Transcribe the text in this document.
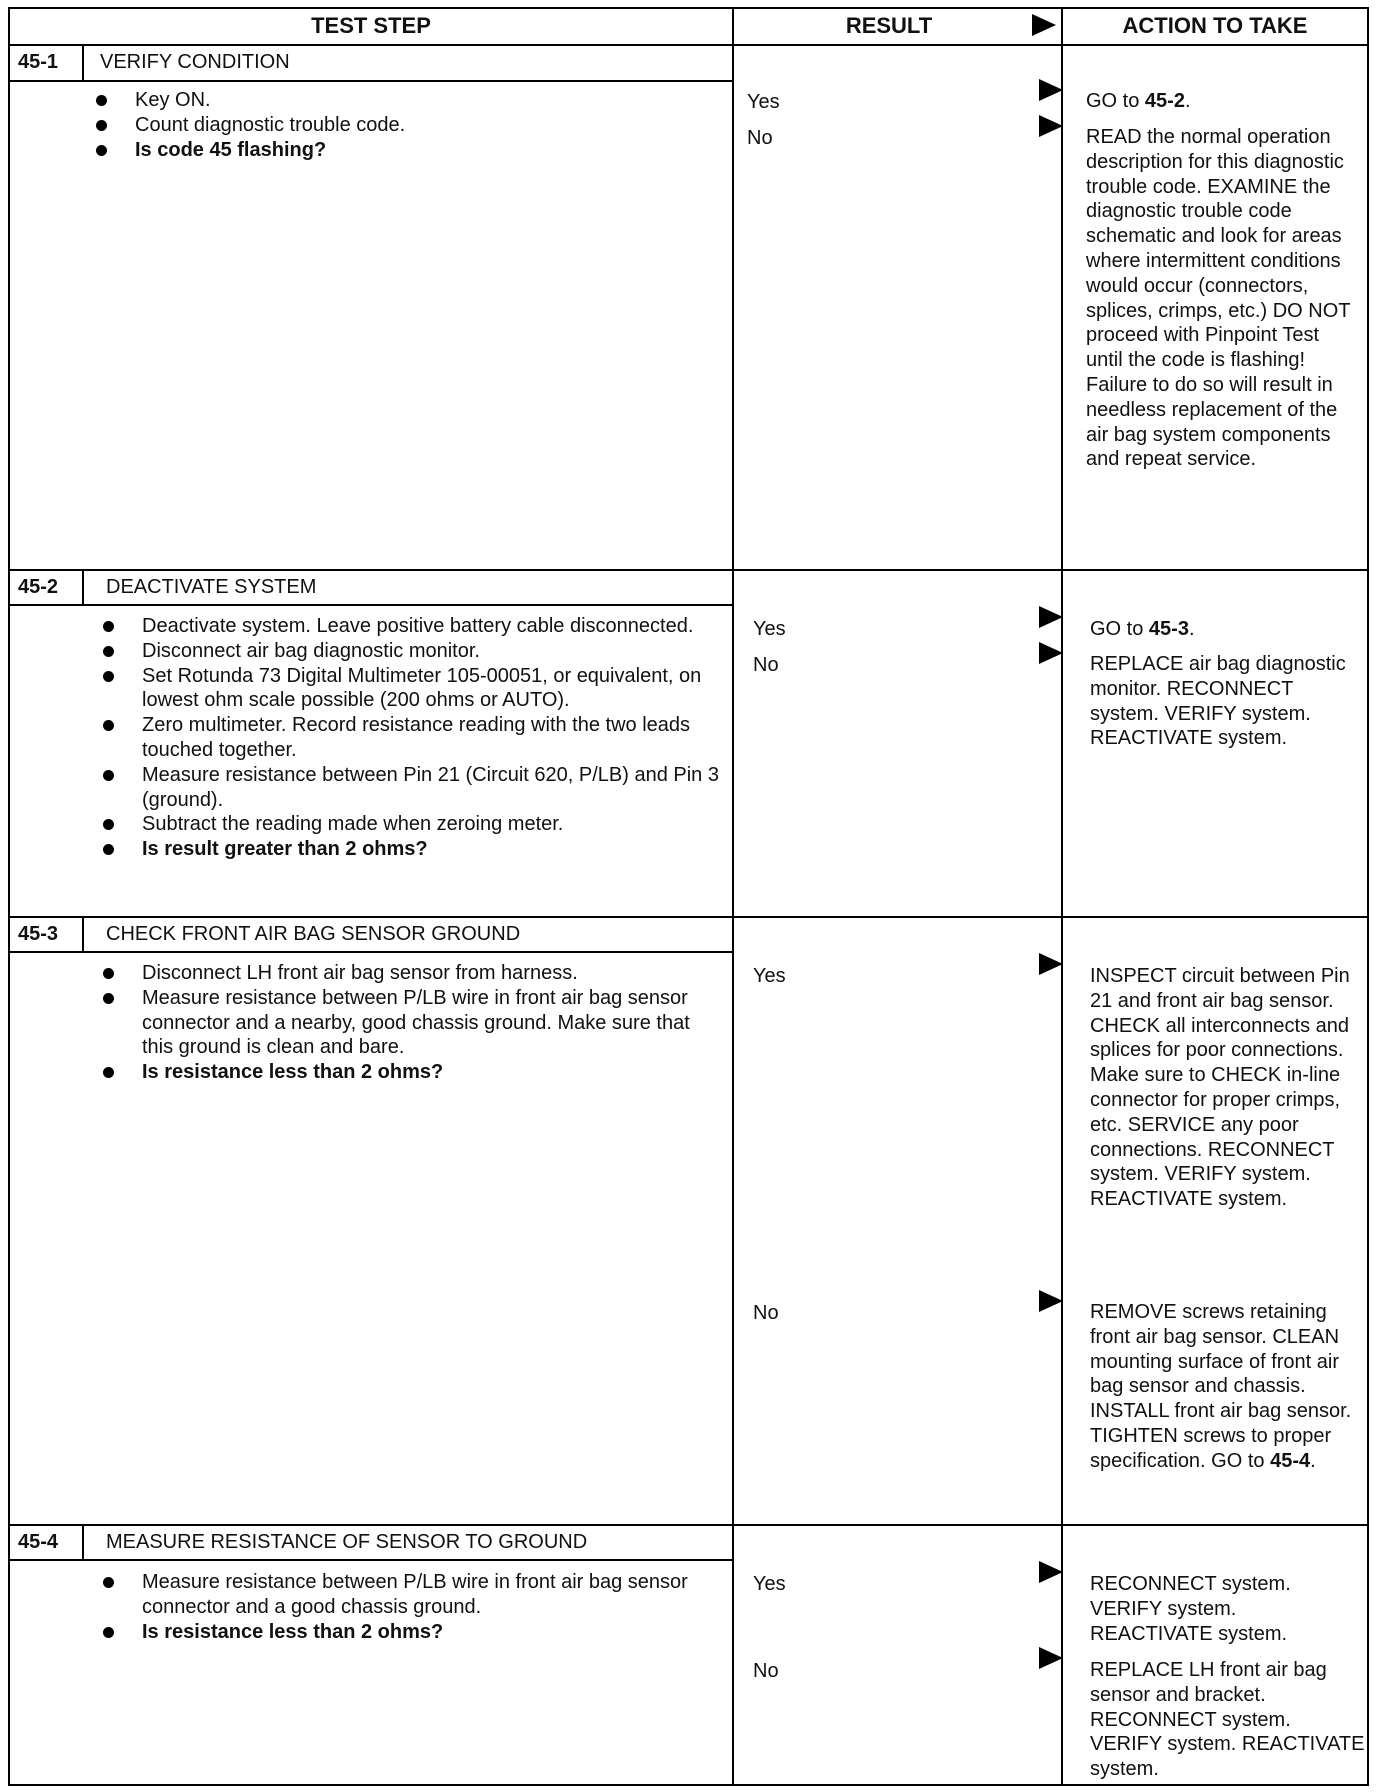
TEST STEP	RESULT	ACTION TO TAKE
45-1 VERIFY CONDITION
Key ON.
Count diagnostic trouble code.
Is code 45 flashing?
Yes	GO to 45-2.
No	READ the normal operation description for this diagnostic trouble code. EXAMINE the diagnostic trouble code schematic and look for areas where intermittent conditions would occur (connectors, splices, crimps, etc.) DO NOT proceed with Pinpoint Test until the code is flashing! Failure to do so will result in needless replacement of the air bag system components and repeat service.
45-2 DEACTIVATE SYSTEM
Deactivate system. Leave positive battery cable disconnected.
Disconnect air bag diagnostic monitor.
Set Rotunda 73 Digital Multimeter 105-00051, or equivalent, on lowest ohm scale possible (200 ohms or AUTO).
Zero multimeter. Record resistance reading with the two leads touched together.
Measure resistance between Pin 21 (Circuit 620, P/LB) and Pin 3 (ground).
Subtract the reading made when zeroing meter.
Is result greater than 2 ohms?
Yes	GO to 45-3.
No	REPLACE air bag diagnostic monitor. RECONNECT system. VERIFY system. REACTIVATE system.
45-3 CHECK FRONT AIR BAG SENSOR GROUND
Disconnect LH front air bag sensor from harness.
Measure resistance between P/LB wire in front air bag sensor connector and a nearby, good chassis ground. Make sure that this ground is clean and bare.
Is resistance less than 2 ohms?
Yes	INSPECT circuit between Pin 21 and front air bag sensor. CHECK all interconnects and splices for poor connections. Make sure to CHECK in-line connector for proper crimps, etc. SERVICE any poor connections. RECONNECT system. VERIFY system. REACTIVATE system.
No	REMOVE screws retaining front air bag sensor. CLEAN mounting surface of front air bag sensor and chassis. INSTALL front air bag sensor. TIGHTEN screws to proper specification. GO to 45-4.
45-4 MEASURE RESISTANCE OF SENSOR TO GROUND
Measure resistance between P/LB wire in front air bag sensor connector and a good chassis ground.
Is resistance less than 2 ohms?
Yes	RECONNECT system. VERIFY system. REACTIVATE system.
No	REPLACE LH front air bag sensor and bracket. RECONNECT system. VERIFY system. REACTIVATE system.
